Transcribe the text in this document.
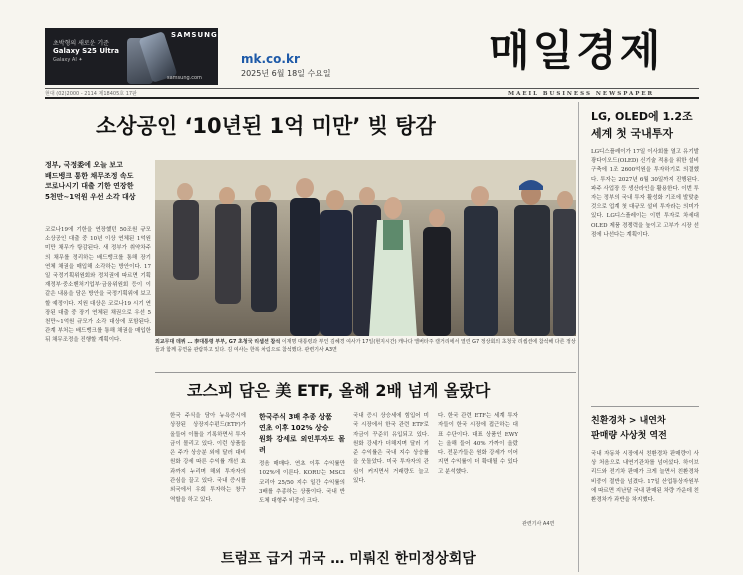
SAMSUNG
초박형의 새로운 기준
Galaxy S25 Ultra
Galaxy AI ✦
samsung.com
mk.co.kr
2025년 6월 18일 수요일	매일경제
현대 (02)2000 - 2114 제18405호 17판	MAEIL BUSINESS NEWSPAPER
소상공인 ‘10년된 1억 미만’ 빚 탕감
정부, 국정委에 오늘 보고
배드뱅크 통한 채무조정 속도
코로나시기 대출 기한 연장한
5천만~1억원 우선 소각 대상
코로나19에 기한을 연장했던 50조원 규모 소상공인 대출 중 10년 이상 연체된 1억원 미만 채무가 탕감된다. 새 정부가 취약차주의 채무를 정리하는 배드뱅크를 통해 장기 연체 채권을 매입해 소각하는 방안이다. 17일 국정기획위원회와 정치권에 따르면 기획재정부·중소벤처기업부·금융위원회 등이 이 같은 내용을 담은 방안을 국정기획위에 보고할 예정이다. 지원 대상은 코로나19 시기 연장된 대출 중 장기 연체된 채권으로 우선 5천만~1억원 규모가 소각 대상에 포함된다. 관계 부처는 배드뱅크를 통해 채권을 매입한 뒤 채무조정을 진행할 계획이다.	외교무대 데뷔 … 李대통령 부부, G7 초청국 리셉션 참석 이재명 대통령과 부인 김혜경 여사가 17일(현지시간) 캐나다 앨버타주 캘거리에서 열린 G7 정상회의 초청국 리셉션에 참석해 다른 정상들과 함께 공연을 관람하고 있다. 김 여사는 한복 차림으로 참석했다. 관련기사 A3면
코스피 담은 美 ETF, 올해 2배 넘게 올랐다
한국 주식을 담아 뉴욕증시에 상장된 상장지수펀드(ETF)가 올들어 이틀을 기록하면서 투자금이 몰리고 있다. 이런 상품들은 주가 상승분 외에 달러 대비 원화 강세 따른 수익률 개선 효과까지 누리며 해외 투자자의 관심을 끌고 있다. 국내 증시를 외국에서 우회 투자하는 창구 역할을 하고 있다.
한국주식 3배 추종 상품
연초 이후 102% 상승
원화 강세로 외인투자도 몰려
정음 매매다. 연초 이후 수익률만 102%에 이른다. KORU는 MSCI 코리아 25/50 지수 일간 수익률의 3배를 추종하는 상품이다. 국내 반도체 대형주 비중이 크다.
국내 증시 상승세에 힘입어 미국 시장에서 한국 관련 ETF로 자금이 꾸준히 유입되고 있다. 원화 강세가 더해지며 달러 기준 수익률은 국내 지수 상승률을 웃돌았다. 미국 투자자의 관심이 커지면서 거래량도 늘고 있다.
다. 한국 관련 ETF는 세계 투자자들이 한국 시장에 접근하는 대표 수단이다. 대표 상품인 EWY는 올해 들어 40% 가까이 올랐다. 전문가들은 원화 강세가 이어지면 수익률이 더 확대될 수 있다고 분석했다.
관련기사 A4면
트럼프 급거 귀국 … 미뤄진 한미정상회담
LG, OLED에 1.2조
세계 첫 국내투자
LG디스플레이가 17일 이사회를 열고 유기발광다이오드(OLED) 신기술 적용을 위한 설비 구축에 1조 2600억원을 투자하기로 의결했다. 투자는 2027년 6월 30일까지 진행된다. 파주 사업장 등 생산라인을 활용한다. 이번 투자는 정부의 국내 투자 활성화 기조에 발맞춘 것으로 업계 첫 대규모 설비 투자라는 의미가 있다. LG디스플레이는 이번 투자로 차세대 OLED 제품 경쟁력을 높이고 고부가 시장 선점에 나선다는 계획이다.
친환경차 > 내연차
판매량 사상첫 역전
국내 자동차 시장에서 친환경차 판매량이 사상 처음으로 내연기관차를 넘어섰다. 하이브리드와 전기차 판매가 크게 늘면서 친환경차 비중이 절반을 넘겼다. 17일 산업통상자원부에 따르면 지난달 국내 판매된 차량 가운데 친환경차가 과반을 차지했다.
